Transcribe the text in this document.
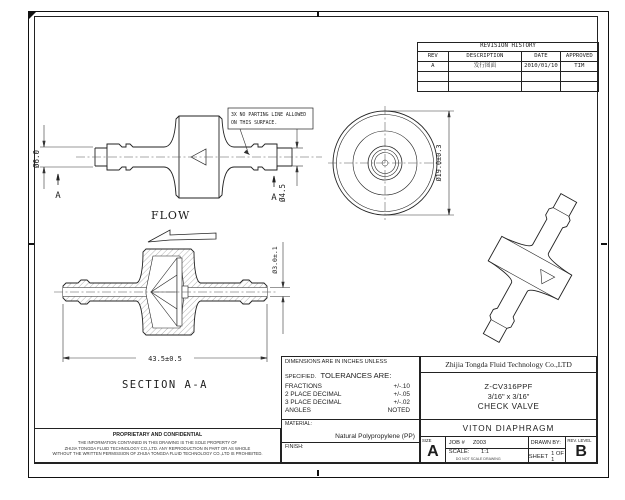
REVISION HISTORY
REV	DESCRIPTION	DATE	APPROVED
A	发行图面	2010/01/10	TIM
Ø6.0
Ø4.5
A	A
3X NO PARTING LINE ALLOWED
ON THIS SURFACE.
FLOW
Ø19.0±0.3
Ø3.0±.1
43.5±0.5
SECTION A-A
PROPRIETARY AND CONFIDENTIAL
THE INFORMATION CONTAINED IN THIS DRAWING IS THE SOLE PROPERTY OF
ZHIJIA TONGDA FLUID TECHNOLOGY CO.,LTD. ANY REPRODUCTION IN PART OR AS WHOLE
WITHOUT THE WRITTEN PERMISSION OF ZHIJIA TONGDA FLUID TECHNOLOGY CO.,LTD IS PROHIBITED.
DIMENSIONS ARE IN INCHES UNLESS
SPECIFIED. TOLERANCES ARE:
FRACTIONS	+/-.10
2 PLACE DECIMAL	+/-.05
3 PLACE DECIMAL	+/-.02
ANGLES	NOTED
MATERIAL:
Natural Polypropylene (PP)
FINISH:
Zhijia Tongda Fluid Technology Co.,LTD
Z-CV316PPF
3/16" x 3/16"
CHECK VALVE
VITON DIAPHRAGM
SIZE
A
JOB # Z003
SCALE: 1:1
DO NOT SCALE DRAWING
DRAWN BY:
SHEET 1 OF 1
REV. LEVEL
B
